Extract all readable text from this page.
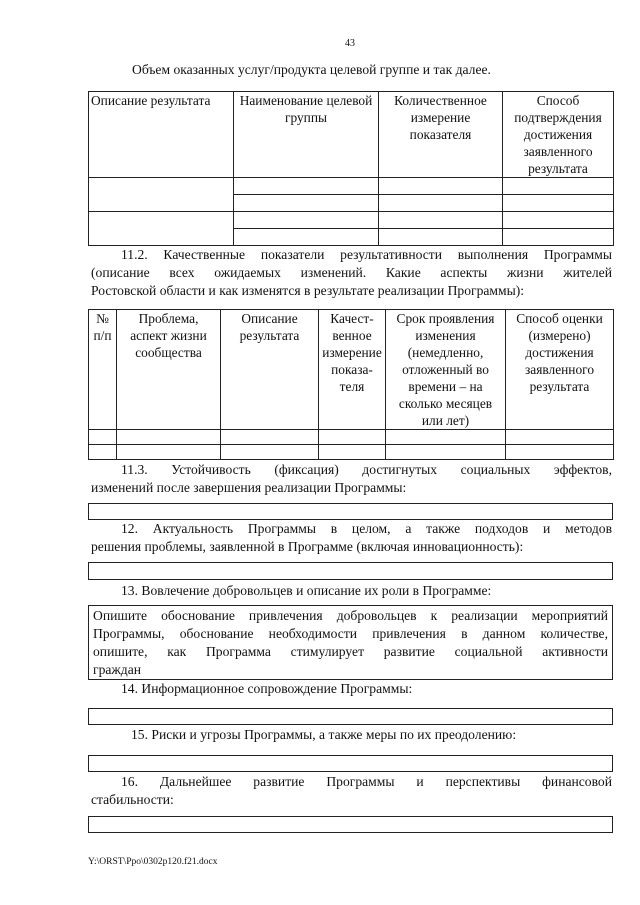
43
Объем оказанных услуг/продукта целевой группе и так далее.
Описание результата	Наименование целевой группы	Количественное измерение показателя	Способ подтверждения достижения заявленного результата

11.2. Качественные показатели результативности выполнения Программы
(описание всех ожидаемых изменений. Какие аспекты жизни жителей
Ростовской области и как изменятся в результате реализации Программы):
№ п/п	Проблема, аспект жизни сообщества	Описание результата	Качест-венное измерение показа-теля	Срок проявления изменения (немедленно, отложенный во времени – на сколько месяцев или лет)	Способ оценки (измерено) достижения заявленного результата

11.3. Устойчивость (фиксация) достигнутых социальных эффектов,
изменений после завершения реализации Программы:
12. Актуальность Программы в целом, а также подходов и методов
решения проблемы, заявленной в Программе (включая инновационность):
13. Вовлечение добровольцев и описание их роли в Программе:
Опишите обоснование привлечения добровольцев к реализации мероприятий
Программы, обоснование необходимости привлечения в данном количестве,
опишите, как Программа стимулирует развитие социальной активности
граждан
14. Информационное сопровождение Программы:
15. Риски и угрозы Программы, а также меры по их преодолению:
16. Дальнейшее развитие Программы и перспективы финансовой
стабильности:
Y:\ORST\Ppo\0302p120.f21.docx
